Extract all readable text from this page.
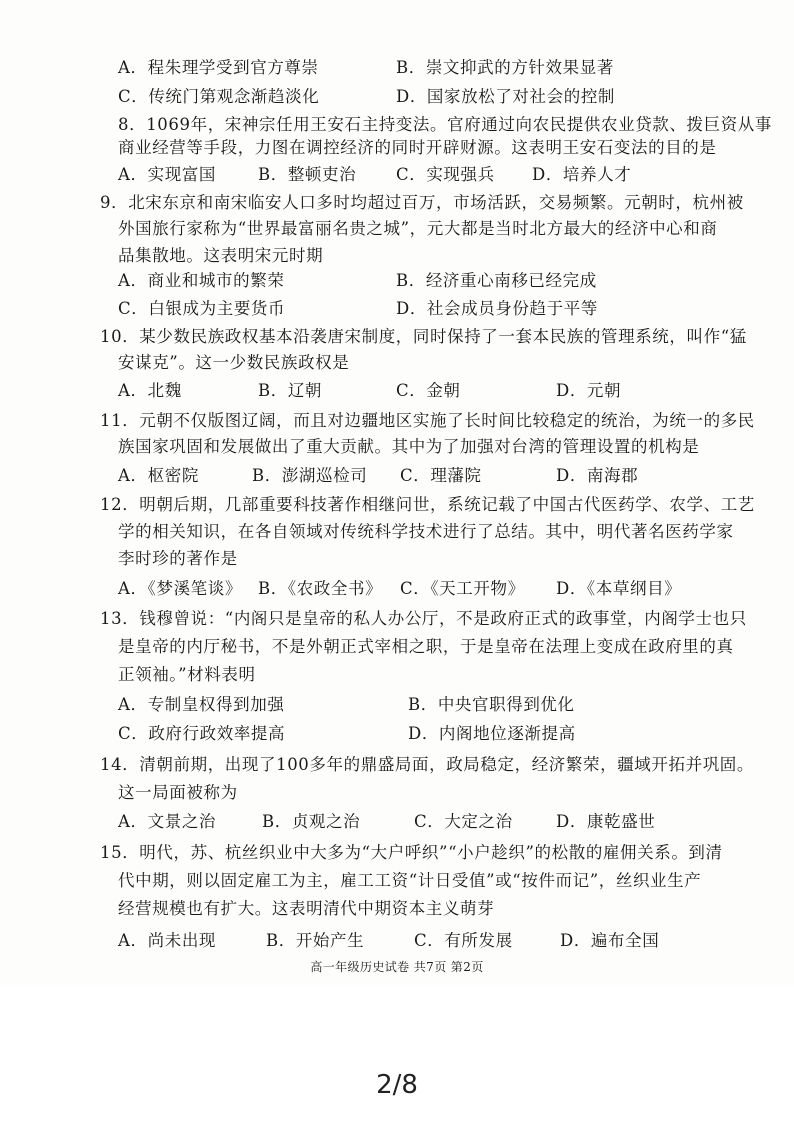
A．程朱理学受到官方尊崇	B．崇文抑武的方针效果显著
C．传统门第观念渐趋淡化	D．国家放松了对社会的控制
8．1069年，宋神宗任用王安石主持变法。官府通过向农民提供农业贷款、拨巨资从事
商业经营等手段，力图在调控经济的同时开辟财源。这表明王安石变法的目的是
A．实现富国	B．整顿吏治 C．实现强兵 D．培养人才
9．北宋东京和南宋临安人口多时均超过百万，市场活跃，交易频繁。元朝时，杭州被
外国旅行家称为“世界最富丽名贵之城”，元大都是当时北方最大的经济中心和商
品集散地。这表明宋元时期
A．商业和城市的繁荣	B．经济重心南移已经完成
C．白银成为主要货币	D．社会成员身份趋于平等
10．某少数民族政权基本沿袭唐宋制度，同时保持了一套本民族的管理系统，叫作“猛
安谋克”。这一少数民族政权是
A．北魏	B．辽朝	C．金朝	D．元朝
11．元朝不仅版图辽阔，而且对边疆地区实施了长时间比较稳定的统治，为统一的多民
族国家巩固和发展做出了重大贡献。其中为了加强对台湾的管理设置的机构是
A．枢密院	B．澎湖巡检司 C．理藩院	D．南海郡
12．明朝后期，几部重要科技著作相继问世，系统记载了中国古代医药学、农学、工艺
学的相关知识，在各自领域对传统科学技术进行了总结。其中，明代著名医药学家
李时珍的著作是
A．《梦溪笔谈》 B．《农政全书》 C．《天工开物》 D．《本草纲目》
13．钱穆曾说：“内阁只是皇帝的私人办公厅，不是政府正式的政事堂，内阁学士也只
是皇帝的内厅秘书，不是外朝正式宰相之职，于是皇帝在法理上变成在政府里的真
正领袖。”材料表明
A．专制皇权得到加强	B．中央官职得到优化
C．政府行政效率提高	D．内阁地位逐渐提高
14．清朝前期，出现了100多年的鼎盛局面，政局稳定，经济繁荣，疆域开拓并巩固。
这一局面被称为
A．文景之治	B．贞观之治	C．大定之治	D．康乾盛世
15．明代，苏、杭丝织业中大多为“大户呼织”“小户趁织”的松散的雇佣关系。到清
代中期，则以固定雇工为主，雇工工资“计日受值”或“按件而记”，丝织业生产
经营规模也有扩大。这表明清代中期资本主义萌芽
A．尚未出现	B．开始产生	C．有所发展	D．遍布全国
高一年级历史试卷 共7页 第2页
2/8
